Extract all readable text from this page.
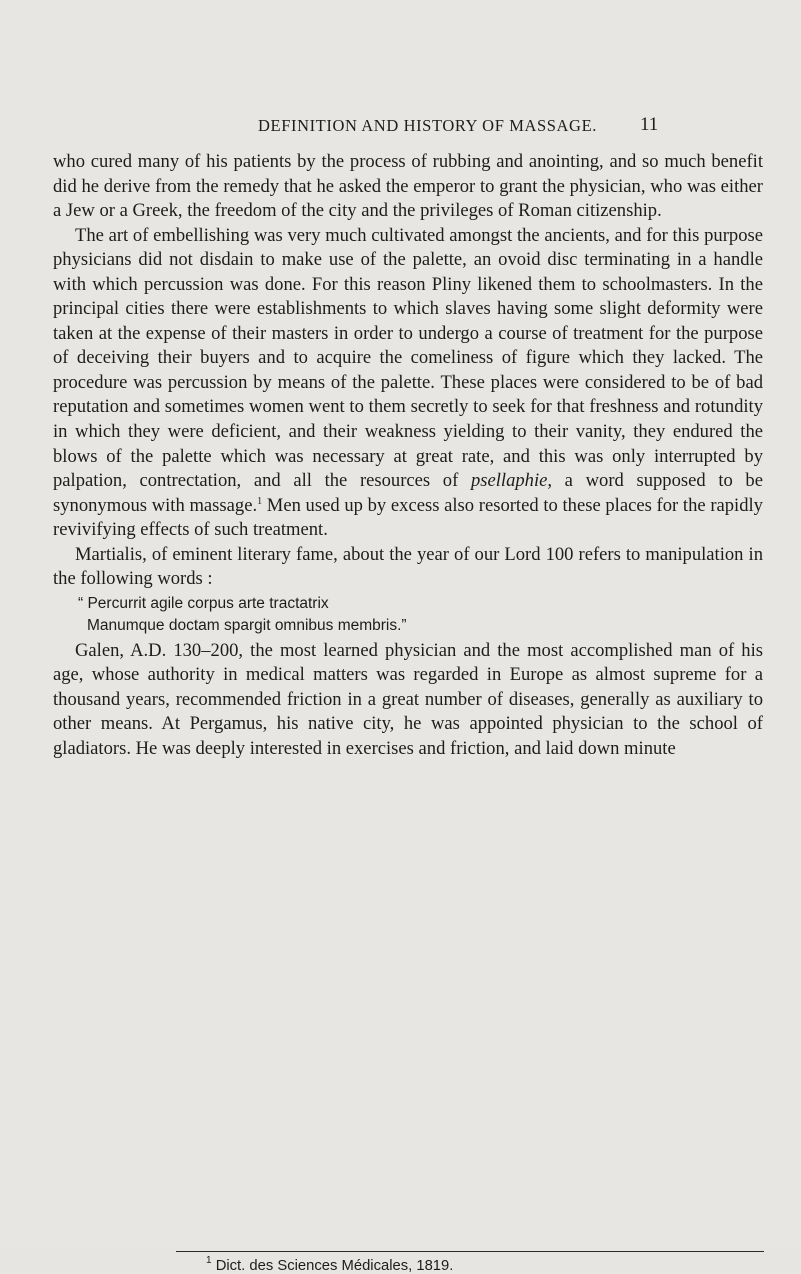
DEFINITION AND HISTORY OF MASSAGE. 11

who cured many of his patients by the process of rubbing and anointing, and so much benefit did he derive from the remedy that he asked the emperor to grant the physician, who was either a Jew or a Greek, the freedom of the city and the privileges of Roman citizenship.

The art of embellishing was very much cultivated amongst the ancients, and for this purpose physicians did not disdain to make use of the palette, an ovoid disc terminating in a handle with which percussion was done. For this reason Pliny likened them to schoolmasters. In the principal cities there were establishments to which slaves having some slight deformity were taken at the expense of their masters in order to undergo a course of treatment for the purpose of deceiving their buyers and to acquire the comeliness of figure which they lacked. The procedure was percussion by means of the palette. These places were considered to be of bad reputation and sometimes women went to them secretly to seek for that freshness and rotundity in which they were deficient, and their weakness yielding to their vanity, they endured the blows of the palette which was necessary at great rate, and this was only interrupted by palpation, contrectation, and all the resources of psellaphie, a word supposed to be synonymous with massage.$^1$ Men used up by excess also resorted to these places for the rapidly revivifying effects of such treatment.

Martialis, of eminent literary fame, about the year of our Lord 100 refers to manipulation in the following words :

“ Percurrit agile corpus arte tractatrix
Manumque doctam spargit omnibus membris.”

Galen, A.D. 130–200, the most learned physician and the most accomplished man of his age, whose authority in medical matters was regarded in Europe as almost supreme for a thousand years, recommended friction in a great number of diseases, generally as auxiliary to other means. At Pergamus, his native city, he was appointed physician to the school of gladiators. He was deeply interested in exercises and friction, and laid down minute

$^1$ Dict. des Sciences Médicales, 1819.
